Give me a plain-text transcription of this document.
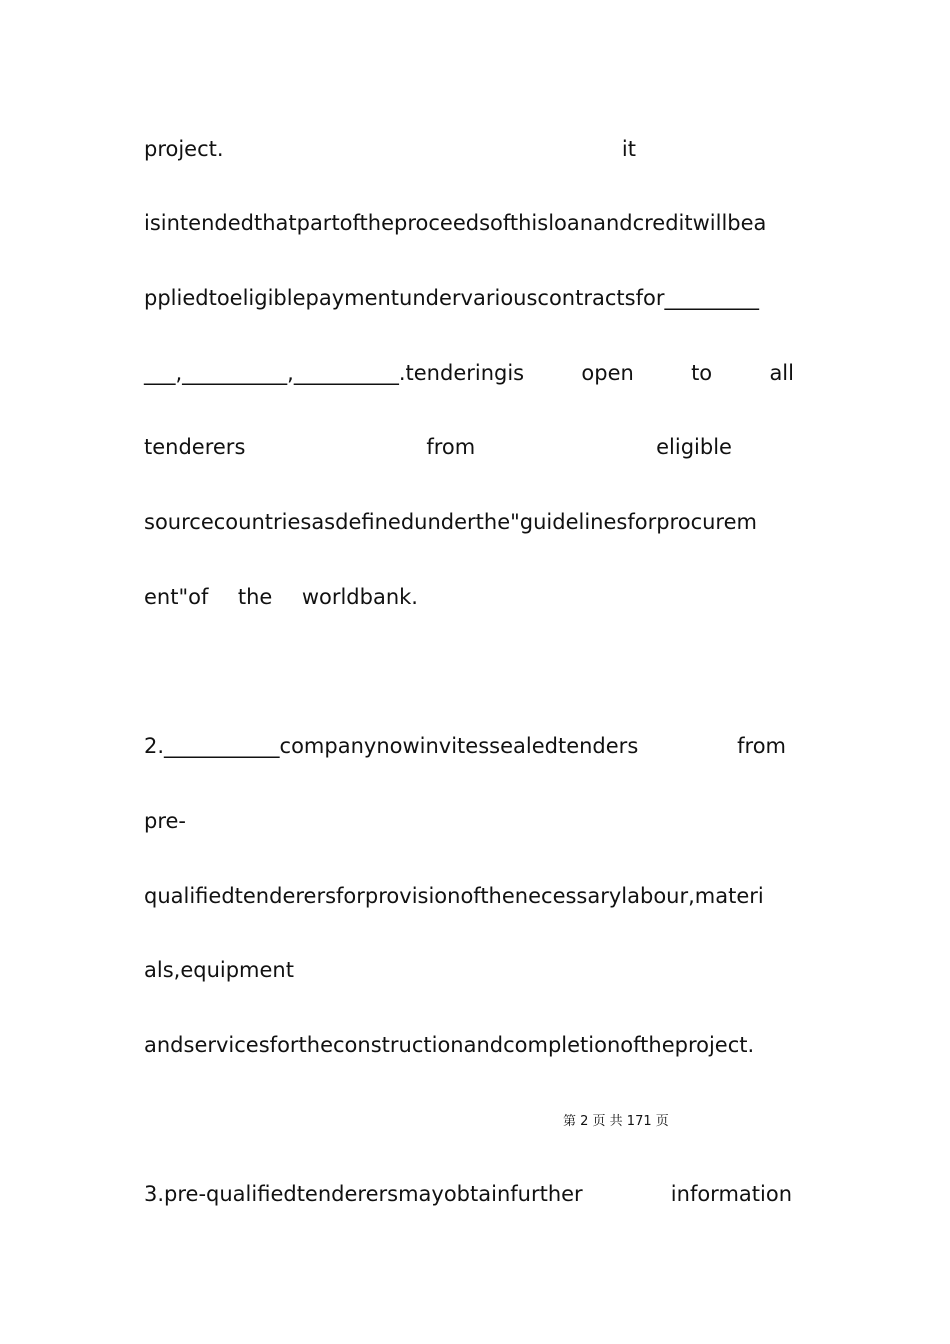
project.	it
isintendedthatpartoftheproceedsofthisloanandcreditwillbea
ppliedtoeligiblepaymentundervariouscontractsfor_________
___,__________,__________.tenderingis	open	to	all
tenderers	from	eligible
sourcecountriesasdefinedunderthe"guidelinesforprocurem
ent"of the worldbank.
2.___________companynowinvitessealedtenders	from
pre-
qualifiedtenderersforprovisionofthenecessarylabour,materi
als,equipment
andservicesfortheconstructionandcompletionoftheproject.
第 2 页 共 171 页
3.pre-qualifiedtenderersmayobtainfurther	information
